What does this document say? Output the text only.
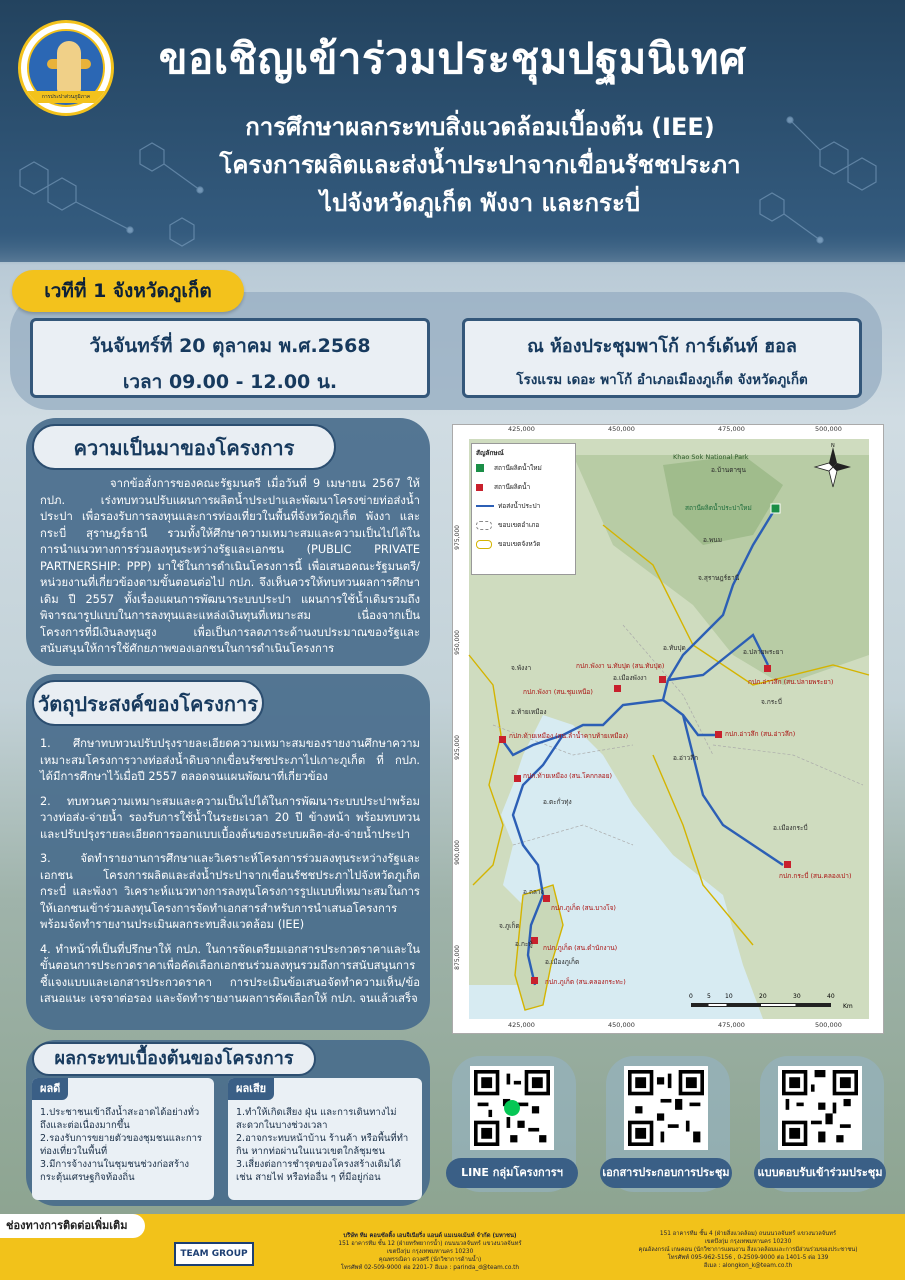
การประปาส่วนภูมิภาค
ขอเชิญเข้าร่วมประชุมปฐมนิเทศ
การศึกษาผลกระทบสิ่งแวดล้อมเบื้องต้น (IEE)
โครงการผลิตและส่งน้ำประปาจากเขื่อนรัชชประภา
ไปจังหวัดภูเก็ต พังงา และกระบี่
เวทีที่ 1 จังหวัดภูเก็ต
วันจันทร์ที่ 20 ตุลาคม พ.ศ.2568
เวลา 09.00 - 12.00 น.
ณ ห้องประชุมพาโก้ การ์เด้นท์ ฮอล
โรงแรม เดอะ พาโก้ อำเภอเมืองภูเก็ต จังหวัดภูเก็ต
ความเป็นมาของโครงการ
จากข้อสั่งการของคณะรัฐมนตรี เมื่อวันที่ 9 เมษายน 2567 ให้ กปภ. เร่งทบทวนปรับแผนการผลิตน้ำประปาและพัฒนาโครงข่ายท่อส่งน้ำประปา เพื่อรองรับการลงทุนและการท่องเที่ยวในพื้นที่จังหวัดภูเก็ต พังงา และกระบี่ สุราษฎร์ธานี รวมทั้งให้ศึกษาความเหมาะสมและความเป็นไปได้ในการนำแนวทางการร่วมลงทุนระหว่างรัฐและเอกชน (PUBLIC PRIVATE PARTNERSHIP: PPP) มาใช้ในการดำเนินโครงการนี้ เพื่อเสนอคณะรัฐมนตรี/หน่วยงานที่เกี่ยวข้องตามขั้นตอนต่อไป กปภ. จึงเห็นควรให้ทบทวนผลการศึกษาเดิม ปี 2557 ทั้งเรื่องแผนการพัฒนาระบบประปา แผนการใช้น้ำเดิมรวมถึงพิจารณารูปแบบในการลงทุนและแหล่งเงินทุนที่เหมาะสม เนื่องจากเป็นโครงการที่มีเงินลงทุนสูง เพื่อเป็นการลดภาระด้านงบประมาณของรัฐและสนับสนุนให้การใช้ศักยภาพของเอกชนในการดำเนินโครงการ
วัตถุประสงค์ของโครงการ

1. ศึกษาทบทวนปรับปรุงรายละเอียดความเหมาะสมของรายงานศึกษาความเหมาะสมโครงการวางท่อส่งน้ำดิบจากเขื่อนรัชชประภาไปเกาะภูเก็ต ที่ กปภ. ได้มีการศึกษาไว้เมื่อปี 2557 ตลอดจนแผนพัฒนาที่เกี่ยวข้อง

2. ทบทวนความเหมาะสมและความเป็นไปได้ในการพัฒนาระบบประปาพร้อมวางท่อส่ง-จ่ายน้ำ รองรับการใช้น้ำในระยะเวลา 20 ปี ข้างหน้า พร้อมทบทวนและปรับปรุงรายละเอียดการออกแบบเบื้องต้นของระบบผลิต-ส่ง-จ่ายน้ำประปา

3. จัดทำรายงานการศึกษาและวิเคราะห์โครงการร่วมลงทุนระหว่างรัฐและเอกชน โครงการผลิตและส่งน้ำประปาจากเขื่อนรัชชประภาไปจังหวัดภูเก็ต กระบี่ และพังงา วิเคราะห์แนวทางการลงทุนโครงการรูปแบบที่เหมาะสมในการให้เอกชนเข้าร่วมลงทุนโครงการจัดทำเอกสารสำหรับการนำเสนอโครงการพร้อมจัดทำรายงานประเมินผลกระทบสิ่งแวดล้อม (IEE)

4. ทำหน้าที่เป็นที่ปรึกษาให้ กปภ. ในการจัดเตรียมเอกสารประกวดราคาและในขั้นตอนการประกวดราคาเพื่อคัดเลือกเอกชนร่วมลงทุนรวมถึงการสนับสนุนการชี้แจงแบบและเอกสารประกวดราคา การประเมินข้อเสนอจัดทำความเห็น/ข้อเสนอแนะ เจรจาต่อรอง และจัดทำรายงานผลการคัดเลือกให้ กปภ. จนแล้วเสร็จ

ผลกระทบเบื้องต้นของโครงการ
ผลดี
1.ประชาชนเข้าถึงน้ำสะอาดได้อย่างทั่วถึงและต่อเนื่องมากขึ้น
2.รองรับการขยายตัวของชุมชนและการท่องเที่ยวในพื้นที่
3.มีการจ้างงานในชุมชนช่วงก่อสร้างกระตุ้นเศรษฐกิจท้องถิ่น
ผลเสีย
1.ทำให้เกิดเสียง ฝุ่น และการเดินทางไม่สะดวกในบางช่วงเวลา
2.อาจกระทบหน้าบ้าน ร้านค้า หรือพื้นที่ทำกิน หากท่อผ่านในแนวเขตใกล้ชุมชน
3.เสี่ยงต่อการชำรุดของโครงสร้างเดิมได้ เช่น สายไฟ หรือท่ออื่น ๆ ที่มีอยู่ก่อน
425,000	450,000	475,000	500,000
425,000	450,000	475,000	500,000
975,000
950,000
925,000
900,000
875,000
สัญลักษณ์
สถานีผลิตน้ำใหม่
สถานีผลิตน้ำ
ท่อส่งน้ำประปา
ขอบเขตอำเภอ
ขอบเขตจังหวัด
N
อ.บ้านตาขุน
สถานีผลิตน้ำประปาใหม่
อ.พนม
จ.สุราษฎร์ธานี
อ.ทับปุด
กปภ.พังงา น.ทับปุด (สน.ทับปุด)
อ.เมืองพังงา
กปภ.พังงา (สน.ชุมเหนือ)
อ.ปลายพระยา
กปภ.อ่าวลึก (สน.ปลายพระยา)
จ.พังงา
จ.กระบี่
อ.ท้ายเหมือง
กปภ.ท้ายเหมือง (สน.ลำน้ำคาบท้ายเหมือง)	กปภ.อ่าวลึก (สน.อ่าวลึก)
อ.อ่าวลึก
กปภ.ท้ายเหมือง (สน.โคกกลอย)
อ.ตะกั่วทุ่ง
อ.เมืองกระบี่
กปภ.กระบี่ (สน.คลองเปา)
อ.ถลาง
กปภ.ภูเก็ต (สน.บางโจ)
จ.ภูเก็ต
อ.กะทู้ กปภ.ภูเก็ต (สน.ดำนักงาน)
อ.เมืองภูเก็ต
กปภ.ภูเก็ต (สน.คลองกระทะ)
Khao Sok National Park
0 5 10	20	30	40
Km
LINE กลุ่มโครงการฯ	เอกสารประกอบการประชุม	แบบตอบรับเข้าร่วมประชุม
ช่องทางการติดต่อเพิ่มเติม
TEAM GROUP
บริษัท ทีม คอนซัลติ้ง เอนจิเนียริ่ง แอนด์ แมเนจเม้นท์ จำกัด (มหาชน)
151 อาคารทีม ชั้น 12 (ฝ่ายทรัพยากรน้ำ) ถนนนวลจันทร์ แขวงนวลจันทร์
เขตบึงกุ่ม กรุงเทพมหานคร 10230
คุณพรรณิดา ดวงศรี (นักวิชาการด้านน้ำ)
โทรศัพท์ 02-509-9000 ต่อ 2201-7 อีเมล : parinda_d@team.co.th
151 อาคารทีม ชั้น 4 (ฝ่ายสิ่งแวดล้อม) ถนนนวลจันทร์ แขวงนวลจันทร์
เขตบึงกุ่ม กรุงเทพมหานคร 10230
คุณอัลงกรณ์ เกษคอน (นักวิชาการแผนงาน สิ่งแวดล้อมและการมีส่วนร่วมของประชาชน)
โทรศัพท์ 095-962-5156 , 0-2509-9000 ต่อ 1401-5 ต่อ 139
อีเมล : alongkon_k@team.co.th
